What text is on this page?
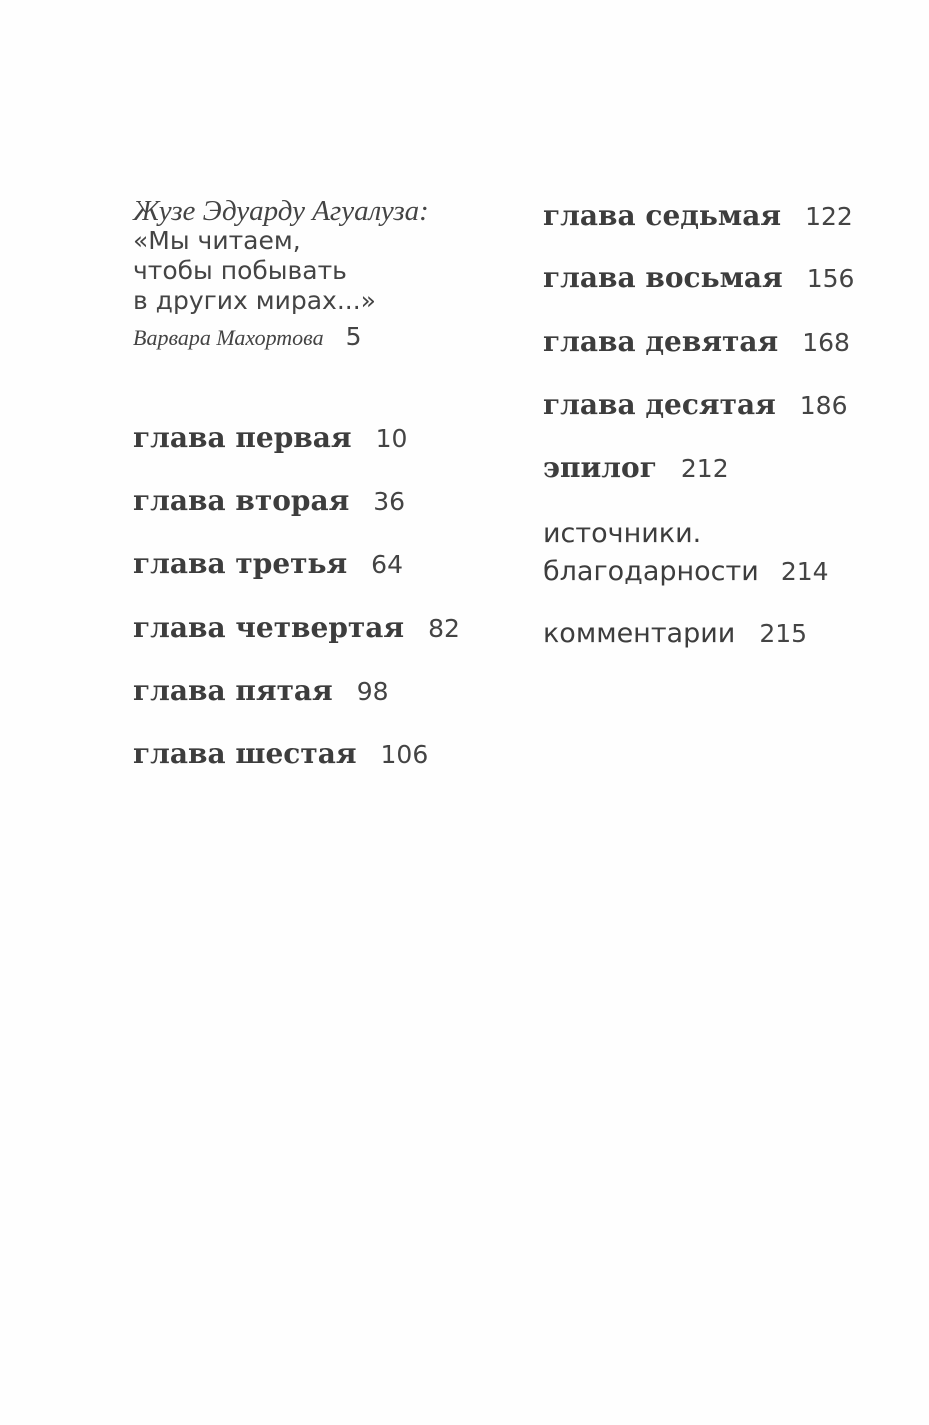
Жузе Эдуарду Агуалуза:
«Мы читаем,
чтобы побывать
в других мирах...»
Варвара Махортова 5
глава первая 10
глава вторая 36
глава третья 64
глава четвертая 82
глава пятая 98
глава шестая 106
глава седьмая 122
глава восьмая 156
глава девятая 168
глава десятая 186
эпилог 212
источники.
благодарности 214
комментарии 215
